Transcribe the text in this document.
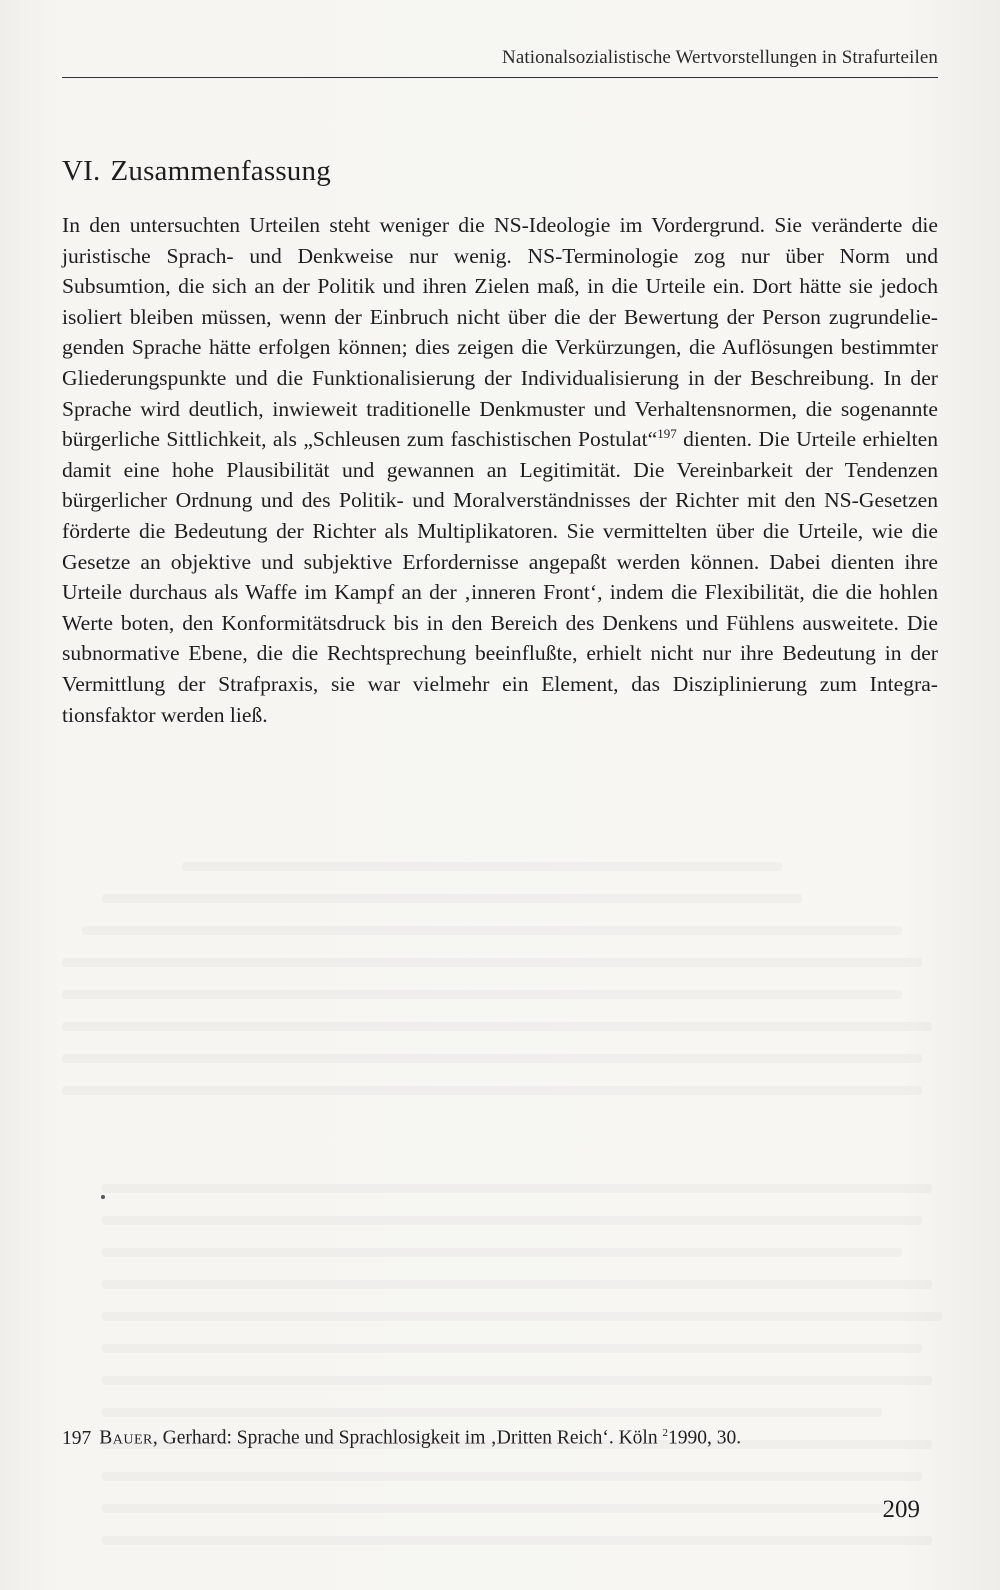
Nationalsozialistische Wertvorstellungen in Strafurteilen
VI. Zusammenfassung

In den untersuchten Urteilen steht weniger die NS-Ideologie im Vordergrund. Sie veränderte die juristische Sprach- und Denkweise nur wenig. NS-Terminologie zog nur über Norm und Subsumtion, die sich an der Politik und ihren Zielen maß, in die Urteile ein. Dort hätte sie jedoch isoliert bleiben müssen, wenn der Einbruch nicht über die der Bewertung der Person zugrundeliegenden Sprache hätte erfolgen können; dies zeigen die Verkürzungen, die Auflösungen bestimmter Gliederungspunkte und die Funktionalisierung der Individualisierung in der Beschreibung. In der Sprache wird deutlich, inwieweit traditionelle Denkmuster und Verhaltensnormen, die sogenannte bürgerliche Sittlichkeit, als „Schleusen zum faschistischen Postulat“$^{197}$ dienten. Die Urteile erhielten damit eine hohe Plausibilität und gewannen an Legitimität. Die Vereinbarkeit der Tendenzen bürgerlicher Ordnung und des Politik- und Moralverständnisses der Richter mit den NS-Gesetzen förderte die Bedeutung der Richter als Multiplikatoren. Sie vermittelten über die Urteile, wie die Gesetze an objektive und subjektive Erfordernisse angepaßt werden können. Dabei dienten ihre Urteile durchaus als Waffe im Kampf an der ‚inneren Front‘, indem die Flexibilität, die die hohlen Werte boten, den Konformitätsdruck bis in den Bereich des Denkens und Fühlens ausweitete. Die subnormative Ebene, die die Rechtsprechung beeinflußte, erhielt nicht nur ihre Bedeutung in der Vermittlung der Strafpraxis, sie war vielmehr ein Element, das Disziplinierung zum Integrationsfaktor werden ließ.

197 Bauer, Gerhard: Sprache und Sprachlosigkeit im ‚Dritten Reich‘. Köln $^2$1990, 30.
209
